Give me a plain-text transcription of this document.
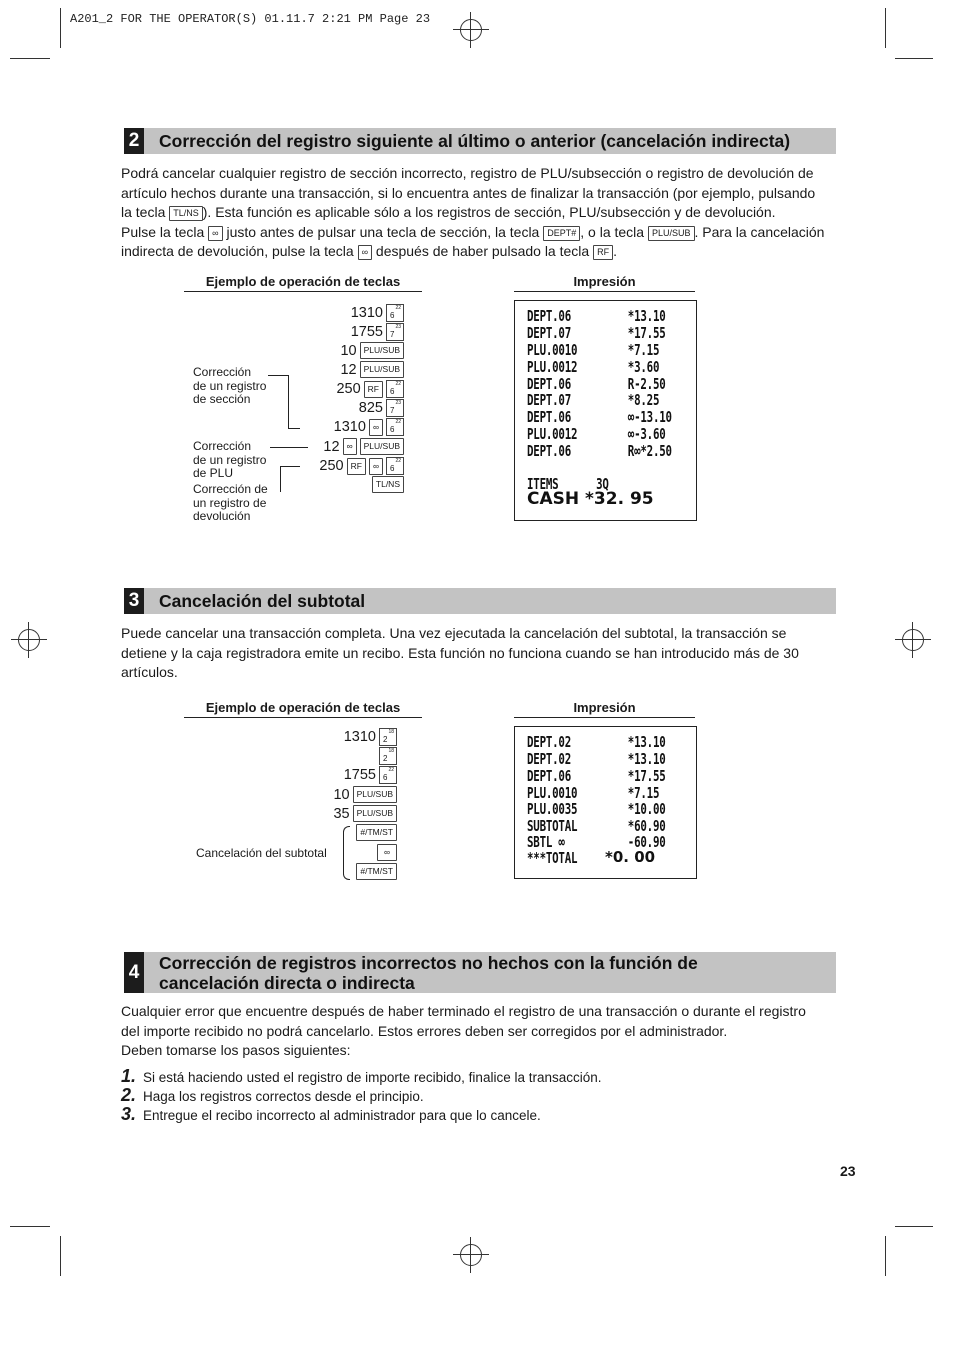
A201_2 FOR THE OPERATOR(S) 01.11.7 2:21 PM Page 23
2 Corrección del registro siguiente al último o anterior (cancelación indirecta)

Podrá cancelar cualquier registro de sección incorrecto, registro de PLU/subsección o registro de devolución de

artículo hechos durante una transacción, si lo encuentra antes de finalizar la transacción (por ejemplo, pulsando

la tecla TL/NS ). Esta función es aplicable sólo a los registros de sección, PLU/subsección y de devolución.

Pulse la tecla ∞ justo antes de pulsar una tecla de sección, la tecla DEPT# , o la tecla PLU/SUB . Para la cancelación

indirecta de devolución, pulse la tecla ∞ después de haber pulsado la tecla RF .

Ejemplo de operación de teclas	Impresión
1310 6
22
1755 7
23
10 PLU/SUB
12 PLU/SUB
250 RF	6
22
825 7
23
1310 ∞	6
22
12 ∞	PLU/SUB
250 RF	∞	6
22
TL/NS
Corrección
de un registro
de sección
Corrección
de un registro
de PLU
Corrección de
un registro de
devolución
DEPT.06	*13.10
DEPT.07	*17.55
PLU.0010	*7.15
PLU.0012	*3.60
DEPT.06	R-2.50
DEPT.07	*8.25
DEPT.06	∞-13.10
PLU.0012	∞-3.60
DEPT.06	R∞*2.50
ITEMS      3Q
CASH *32. 95
3 Cancelación del subtotal

Puede cancelar una transacción completa. Una vez ejecutada la cancelación del subtotal, la transacción se

detiene y la caja registradora emite un recibo. Esta función no funciona cuando se han introducido más de 30

artículos.

Ejemplo de operación de teclas	Impresión
1310 2
18
2
18
1755 6
22
10 PLU/SUB
35 PLU/SUB
#/TM/ST
∞
#/TM/ST
Cancelación del subtotal
DEPT.02	*13.10
DEPT.02	*13.10
DEPT.06	*17.55
PLU.0010	*7.15
PLU.0035	*10.00
SUBTOTAL	*60.90
SBTL ∞	-60.90
***TOTAL *0. 00
4 Corrección de registros incorrectos no hechos con la función de
cancelación directa o indirecta

Cualquier error que encuentre después de haber terminado el registro de una transacción o durante el registro

del importe recibido no podrá cancelarlo. Estos errores deben ser corregidos por el administrador.

Deben tomarse los pasos siguientes:

1. Si está haciendo usted el registro de importe recibido, finalice la transacción.
2. Haga los registros correctos desde el principio.
3. Entregue el recibo incorrecto al administrador para que lo cancele.
23
